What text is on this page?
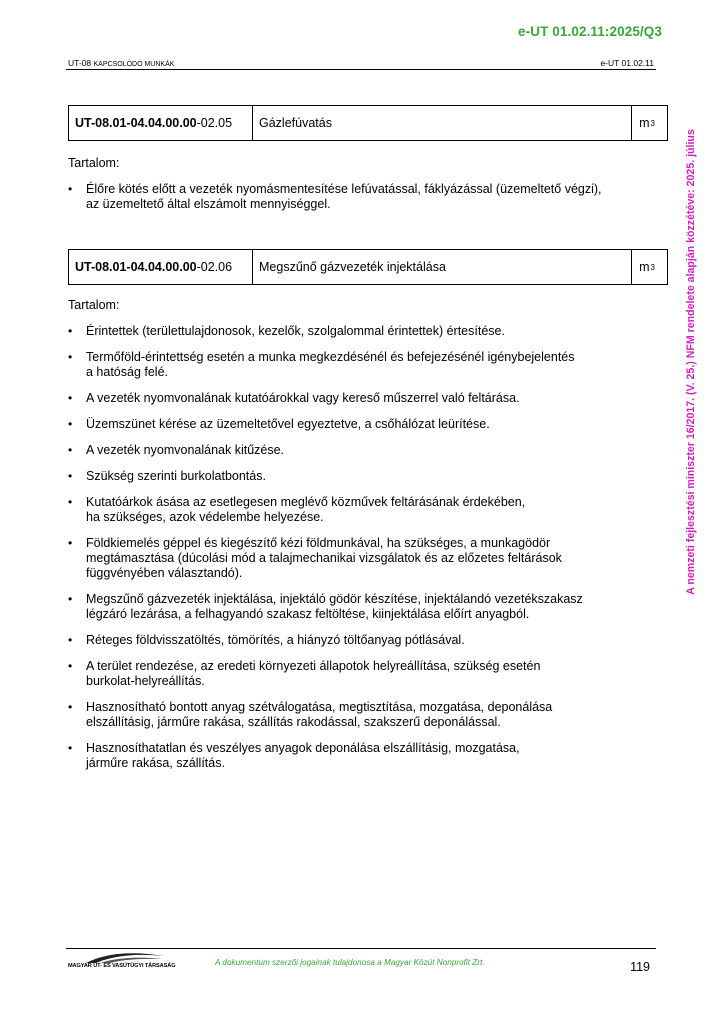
e-UT 01.02.11:2025/Q3
UT-08 KAPCSOLÓDÓ MUNKÁK	e-UT 01.02.11
A nemzeti fejlesztési miniszter 16/2017. (V. 25.) NFM rendelete alapján közzétéve: 2025. július
UT-08.01-04.04.00.00 -02.05	Gázlefúvatás	m 3
Tartalom:
• Élőre kötés előtt a vezeték nyomásmentesítése lefúvatással, fáklyázással (üzemeltető végzi),
az üzemeltető által elszámolt mennyiséggel.
UT-08.01-04.04.00.00 -02.06	Megszűnő gázvezeték injektálása	m 3
Tartalom:
• Érintettek (területtulajdonosok, kezelők, szolgalommal érintettek) értesítése.
• Termőföld-érintettség esetén a munka megkezdésénél és befejezésénél igénybejelentés
a hatóság felé.
• A vezeték nyomvonalának kutatóárokkal vagy kereső műszerrel való feltárása.
• Üzemszünet kérése az üzemeltetővel egyeztetve, a csőhálózat leürítése.
• A vezeték nyomvonalának kitűzése.
• Szükség szerinti burkolatbontás.
• Kutatóárkok ásása az esetlegesen meglévő közművek feltárásának érdekében,
ha szükséges, azok védelembe helyezése.
• Földkiemelés géppel és kiegészítő kézi földmunkával, ha szükséges, a munkagödör
megtámasztása (dúcolási mód a talajmechanikai vizsgálatok és az előzetes feltárások
függvényében választandó).
• Megszűnő gázvezeték injektálása, injektáló gödör készítése, injektálandó vezetékszakasz
légzáró lezárása, a felhagyandó szakasz feltöltése, kiinjektálása előírt anyagból.
• Réteges földvisszatöltés, tömörítés, a hiányzó töltőanyag pótlásával.
• A terület rendezése, az eredeti környezeti állapotok helyreállítása, szükség esetén
burkolat-helyreállítás.
• Hasznosítható bontott anyag szétválogatása, megtisztítása, mozgatása, deponálása
elszállításig, járműre rakása, szállítás rakodással, szakszerű deponálással.
• Hasznosíthatatlan és veszélyes anyagok deponálása elszállításig, mozgatása,
járműre rakása, szállítás.
MAGYAR ÚT- ÉS VASÚTÜGYI TÁRSASÁG	A dokumentum szerzői jogainak tulajdonosa a Magyar Közút Nonprofit Zrt.	119
